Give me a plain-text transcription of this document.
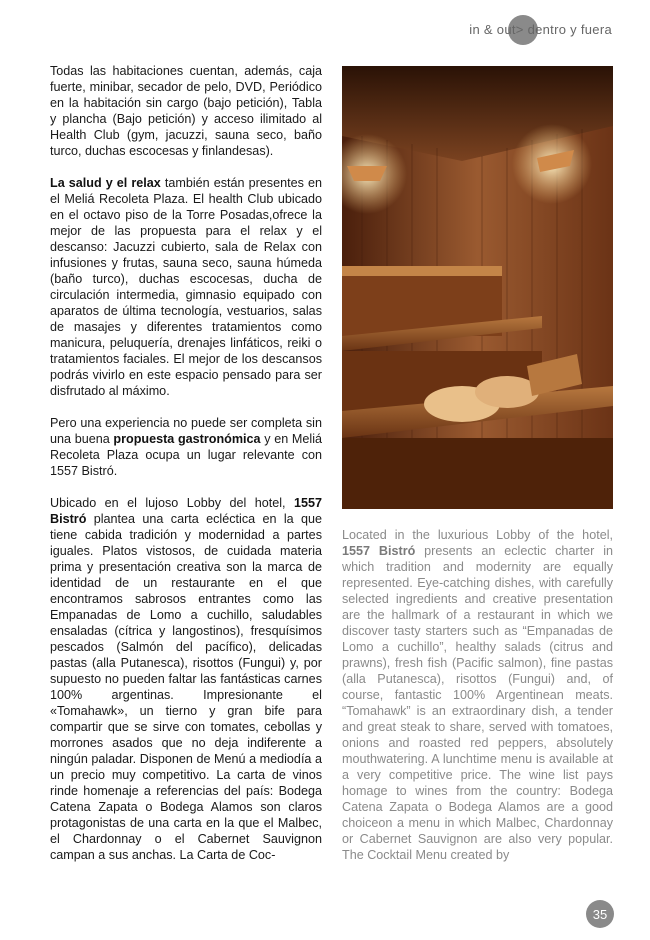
in & out > dentro y fuera

Todas las habitaciones cuentan, además, caja fuerte, minibar, secador de pelo, DVD, Periódico en la habitación sin cargo (bajo petición), Tabla y plancha (Bajo petición) y acceso ilimitado al Health Club (gym, jacuzzi, sauna seco, baño turco, duchas escocesas y finlandesas).

La salud y el relax también están presentes en el Meliá Recoleta Plaza. El health Club ubicado en el octavo piso de la Torre Posadas,ofrece la mejor de las propuesta para el relax y el descanso: Jacuzzi cubierto, sala de Relax con infusiones y frutas, sauna seco, sauna húmeda (baño turco), duchas escocesas, ducha de circulación intermedia, gimnasio equipado con aparatos de última tecnología, vestuarios, salas de masajes y diferentes tratamientos como manicura, peluquería, drenajes linfáticos, reiki o tratamientos faciales. El mejor de los descansos podrás vivirlo en este espacio pensado para ser disfrutado al máximo.

Pero una experiencia no puede ser completa sin una buena propuesta gastronómica y en Meliá Recoleta Plaza ocupa un lugar relevante con 1557 Bistró.

Ubicado en el lujoso Lobby del hotel, 1557 Bistró plantea una carta ecléctica en la que tiene cabida tradición y modernidad a partes iguales. Platos vistosos, de cuidada materia prima y presentación creativa son la marca de identidad de un restaurante en el que encontramos sabrosos entrantes como las Empanadas de Lomo a cuchillo, saludables ensaladas (cítrica y langostinos), fresquísimos pescados (Salmón del pacífico), delicadas pastas (alla Putanesca), risottos (Fungui) y, por supuesto no pueden faltar las fantásticas carnes 100% argentinas. Impresionante el «Tomahawk», un tierno y gran bife para compartir que se sirve con tomates, cebollas y morrones asados que no deja indiferente a ningún paladar. Disponen de Menú a mediodía a un precio muy competitivo. La carta de vinos rinde homenaje a referencias del país: Bodega Catena Zapata o Bodega Alamos son claros protagonistas de una carta en la que el Malbec, el Chardonnay o el Cabernet Sauvignon campan a sus anchas. La Carta de Coc-

Located in the luxurious Lobby of the hotel, 1557 Bistró presents an eclectic charter in which tradition and modernity are equally represented. Eye-catching dishes, with carefully selected ingredients and creative presentation are the hallmark of a restaurant in which we discover tasty starters such as “Empanadas de Lomo a cuchillo”, healthy salads (citrus and prawns), fresh fish (Pacific salmon), fine pastas (alla Putanesca), risottos (Fungui) and, of course, fantastic 100% Argentinean meats. “Tomahawk” is an extraordinary dish, a tender and great steak to share, served with tomatoes, onions and roasted red peppers, absolutely mouthwatering. A lunchtime menu is available at a very competitive price. The wine list pays homage to wines from the country: Bodega Catena Zapata o Bodega Alamos are a good choiceon a menu in which Malbec, Chardonnay or Cabernet Sauvignon are also very popular. The Cocktail Menu created by

35
